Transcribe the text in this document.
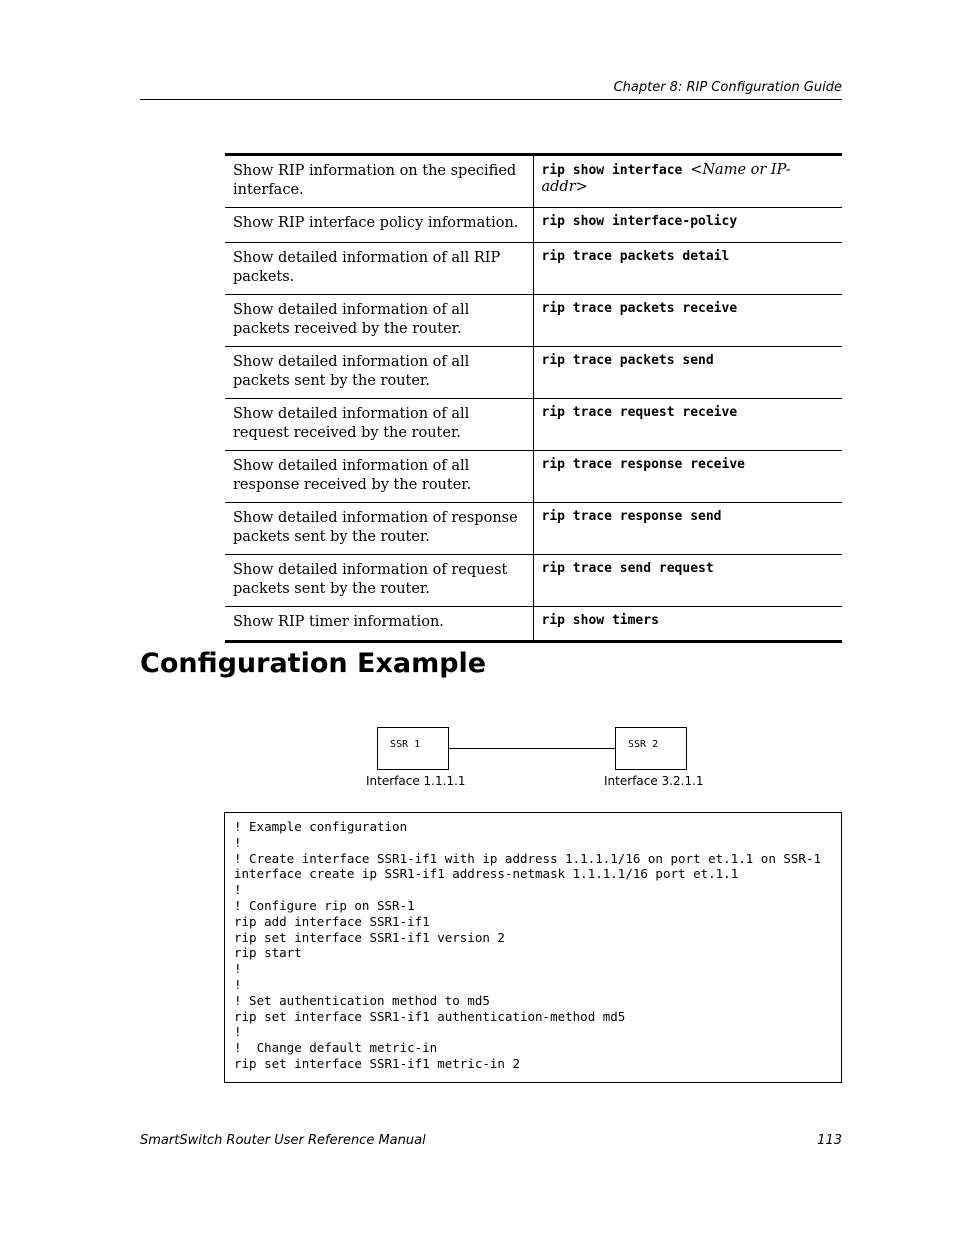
Chapter 8: RIP Configuration Guide
Show RIP information on the specified interface.	rip show interface <Name or IP-addr>
Show RIP interface policy information.	rip show interface-policy
Show detailed information of all RIP packets.	rip trace packets detail
Show detailed information of all packets received by the router.	rip trace packets receive
Show detailed information of all packets sent by the router.	rip trace packets send
Show detailed information of all request received by the router.	rip trace request receive
Show detailed information of all response received by the router.	rip trace response receive
Show detailed information of response packets sent by the router.	rip trace response send
Show detailed information of request packets sent by the router.	rip trace send request
Show RIP timer information.	rip show timers
Configuration Example
SSR 1	SSR 2
Interface 1.1.1.1	Interface 3.2.1.1
! Example configuration
!
! Create interface SSR1-if1 with ip address 1.1.1.1/16 on port et.1.1 on SSR-1
interface create ip SSR1-if1 address-netmask 1.1.1.1/16 port et.1.1
!
! Configure rip on SSR-1
rip add interface SSR1-if1
rip set interface SSR1-if1 version 2
rip start
!
!
! Set authentication method to md5
rip set interface SSR1-if1 authentication-method md5
!
!  Change default metric-in
rip set interface SSR1-if1 metric-in 2
SmartSwitch Router User Reference Manual	113
